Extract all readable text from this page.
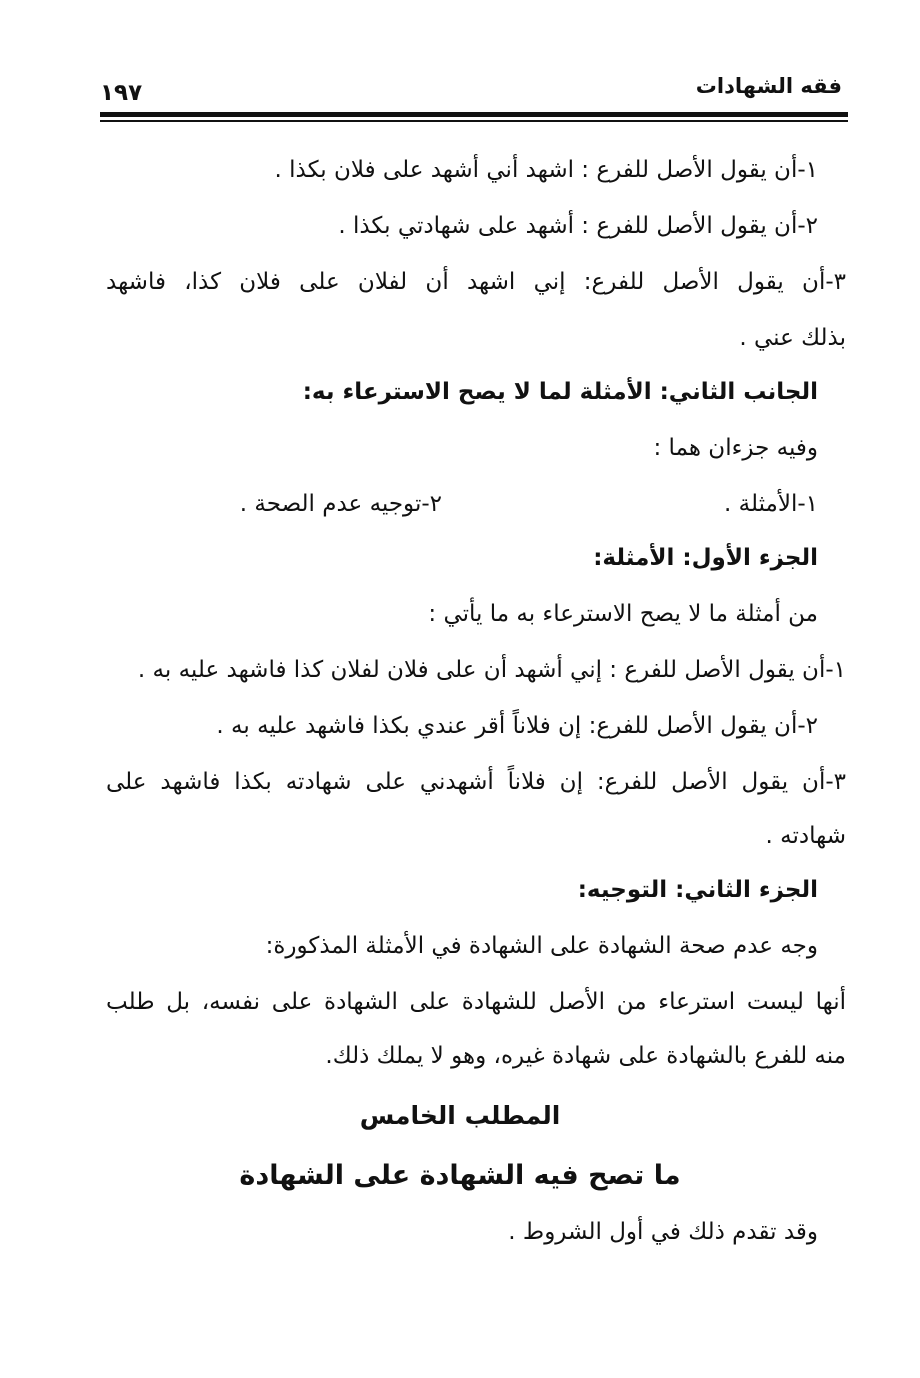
فقه الشهادات
١٩٧
١-أن يقول الأصل للفرع : اشهد أني أشهد على فلان بكذا .
٢-أن يقول الأصل للفرع : أشهد على شهادتي بكذا .
٣-أن يقول الأصل للفرع: إني اشهد أن لفلان على فلان كذا، فاشهد
بذلك عني .
الجانب الثاني: الأمثلة لما لا يصح الاسترعاء به:
وفيه جزءان هما :
١-الأمثلة .
٢-توجيه عدم الصحة .
الجزء الأول: الأمثلة:
من أمثلة ما لا يصح الاسترعاء به ما يأتي :
١-أن يقول الأصل للفرع : إني أشهد أن على فلان لفلان كذا فاشهد عليه به .
٢-أن يقول الأصل للفرع: إن فلاناً أقر عندي بكذا فاشهد عليه به .
٣-أن يقول الأصل للفرع: إن فلاناً أشهدني على شهادته بكذا فاشهد على
شهادته .
الجزء الثاني: التوجيه:
وجه عدم صحة الشهادة على الشهادة في الأمثلة المذكورة:
أنها ليست استرعاء من الأصل للشهادة على الشهادة على نفسه، بل طلب
منه للفرع بالشهادة على شهادة غيره، وهو لا يملك ذلك.
المطلب الخامس
ما تصح فيه الشهادة على الشهادة
وقد تقدم ذلك في أول الشروط .
